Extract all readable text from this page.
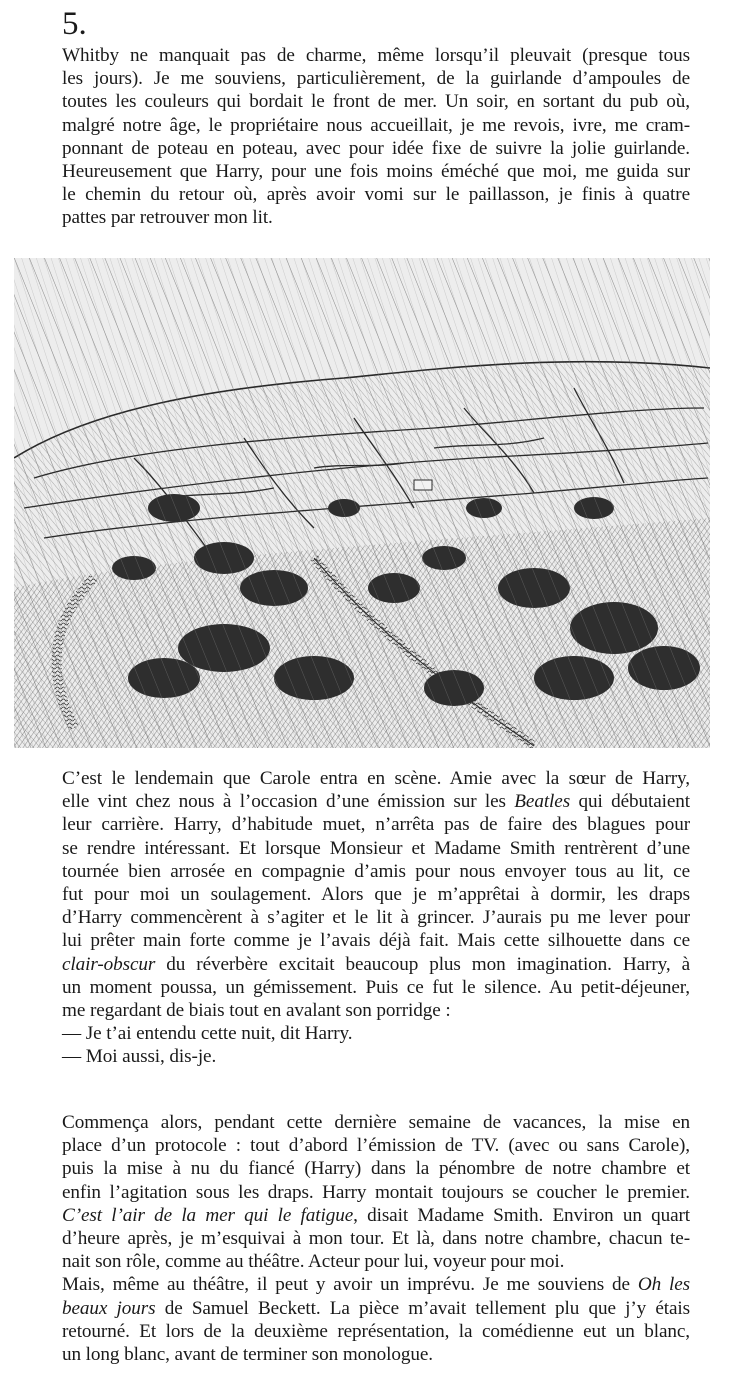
5.
Whitby ne manquait pas de charme, même lorsqu’il pleuvait (presque tous
les jours). Je me souviens, particulièrement, de la guirlande d’ampoules de
toutes les couleurs qui bordait le front de mer. Un soir, en sortant du pub où,
malgré notre âge, le propriétaire nous accueillait, je me revois, ivre, me cram-
ponnant de poteau en poteau, avec pour idée fixe de suivre la jolie guirlande.
Heureusement que Harry, pour une fois moins éméché que moi, me guida sur
le chemin du retour où, après avoir vomi sur le paillasson, je finis à quatre
pattes par retrouver mon lit.
C’est le lendemain que Carole entra en scène. Amie avec la sœur de Harry,
elle vint chez nous à l’occasion d’une émission sur les Beatles qui débutaient
leur carrière. Harry, d’habitude muet, n’arrêta pas de faire des blagues pour
se rendre intéressant. Et lorsque Monsieur et Madame Smith rentrèrent d’une
tournée bien arrosée en compagnie d’amis pour nous envoyer tous au lit, ce
fut pour moi un soulagement. Alors que je m’apprêtai à dormir, les draps
d’Harry commencèrent à s’agiter et le lit à grincer. J’aurais pu me lever pour
lui prêter main forte comme je l’avais déjà fait. Mais cette silhouette dans ce
clair-obscur du réverbère excitait beaucoup plus mon imagination. Harry, à
un moment poussa, un gémissement. Puis ce fut le silence. Au petit-déjeuner,
me regardant de biais tout en avalant son porridge :
— Je t’ai entendu cette nuit, dit Harry.
— Moi aussi, dis-je.
Commença alors, pendant cette dernière semaine de vacances, la mise en
place d’un protocole : tout d’abord l’émission de TV. (avec ou sans Carole),
puis la mise à nu du fiancé (Harry) dans la pénombre de notre chambre et
enfin l’agitation sous les draps. Harry montait toujours se coucher le premier.
C’est l’air de la mer qui le fatigue, disait Madame Smith. Environ un quart
d’heure après, je m’esquivai à mon tour. Et là, dans notre chambre, chacun te-
nait son rôle, comme au théâtre. Acteur pour lui, voyeur pour moi.
Mais, même au théâtre, il peut y avoir un imprévu. Je me souviens de Oh les
beaux jours de Samuel Beckett. La pièce m’avait tellement plu que j’y étais
retourné. Et lors de la deuxième représentation, la comédienne eut un blanc,
un long blanc, avant de terminer son monologue.
